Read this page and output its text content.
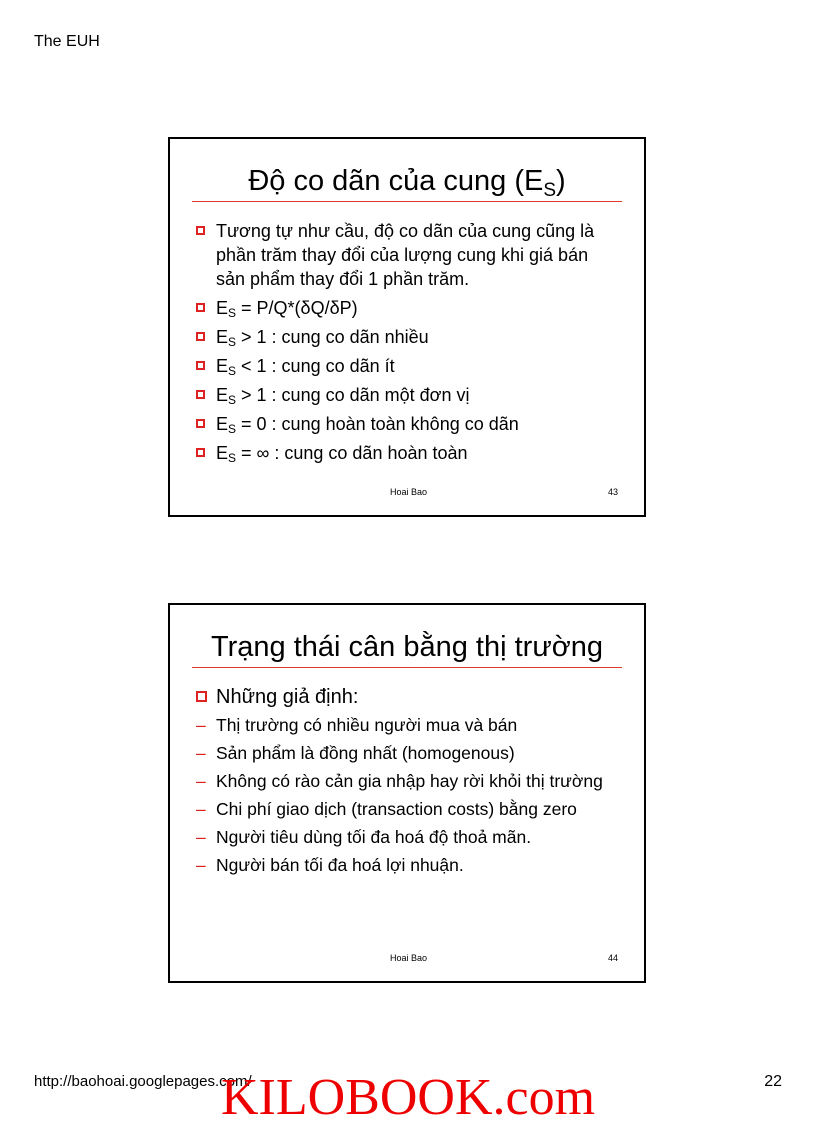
The EUH
Độ co dãn của cung $(E_S)$
Tương tự như cầu, độ co dãn của cung cũng là phần trăm thay đổi của lượng cung khi giá bán sản phẩm thay đổi 1 phần trăm.
$E_S = P/Q*(\delta Q/\delta P)$
$E_S > 1$ : cung co dãn nhiều
$E_S < 1$ : cung co dãn ít
$E_S > 1$ : cung co dãn một đơn vị
$E_S = 0$ : cung hoàn toàn không co dãn
$E_S$ = ∞ : cung co dãn hoàn toàn
Hoai Bao	43
Trạng thái cân bằng thị trường
Những giả định:
– Thị trường có nhiều người mua và bán
– Sản phẩm là đồng nhất (homogenous)
– Không có rào cản gia nhập hay rời khỏi thị trường
– Chi phí giao dịch (transaction costs) bằng zero
– Người tiêu dùng tối đa hoá độ thoả mãn.
– Người bán tối đa hoá lợi nhuận.
Hoai Bao	44
http://baohoai.googlepages.com/	22
KILOBOOK.com
